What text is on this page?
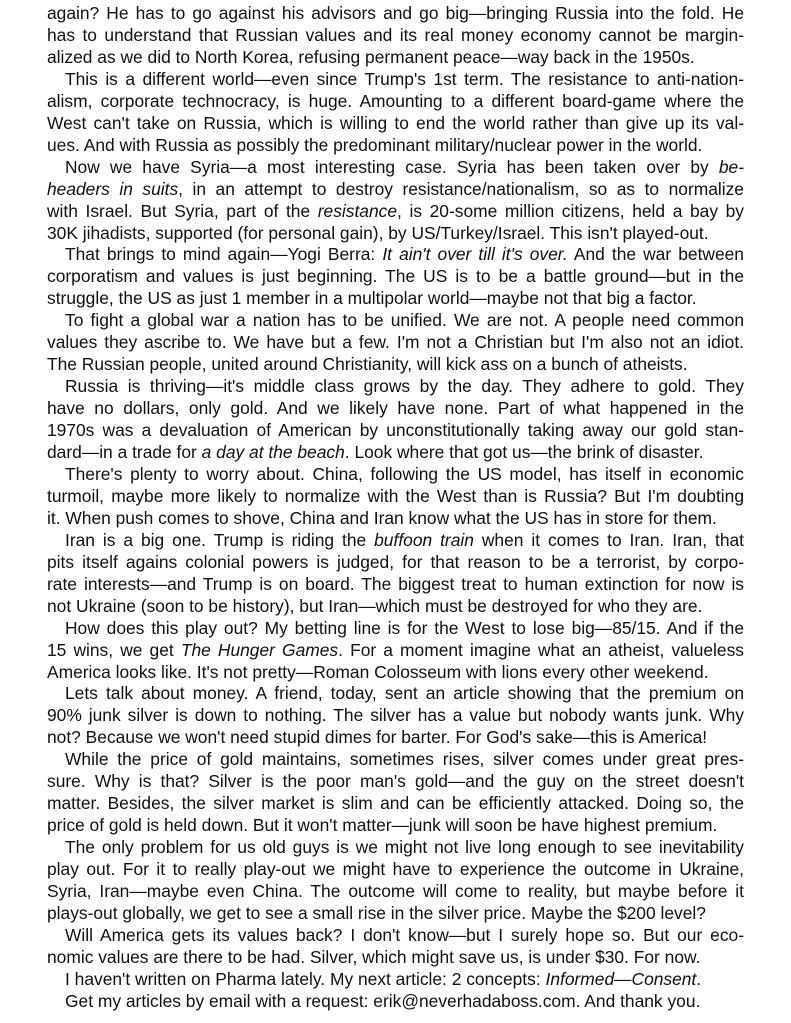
again? He has to go against his advisors and go big—bringing Russia into the fold. He
has to understand that Russian values and its real money economy cannot be margin-
alized as we did to North Korea, refusing permanent peace—way back in the 1950s.
This is a different world—even since Trump's 1st term. The resistance to anti-nation-
alism, corporate technocracy, is huge. Amounting to a different board-game where the
West can't take on Russia, which is willing to end the world rather than give up its val-
ues. And with Russia as possibly the predominant military/nuclear power in the world.
Now we have Syria—a most interesting case. Syria has been taken over by be-
headers in suits, in an attempt to destroy resistance/nationalism, so as to normalize
with Israel. But Syria, part of the resistance, is 20-some million citizens, held a bay by
30K jihadists, supported (for personal gain), by US/Turkey/Israel. This isn't played-out.
That brings to mind again—Yogi Berra: It ain't over till it's over. And the war between
corporatism and values is just beginning. The US is to be a battle ground—but in the
struggle, the US as just 1 member in a multipolar world—maybe not that big a factor.
To fight a global war a nation has to be unified. We are not. A people need common
values they ascribe to. We have but a few. I'm not a Christian but I'm also not an idiot.
The Russian people, united around Christianity, will kick ass on a bunch of atheists.
Russia is thriving—it's middle class grows by the day. They adhere to gold. They
have no dollars, only gold. And we likely have none. Part of what happened in the
1970s was a devaluation of American by unconstitutionally taking away our gold stan-
dard—in a trade for a day at the beach. Look where that got us—the brink of disaster.
There's plenty to worry about. China, following the US model, has itself in economic
turmoil, maybe more likely to normalize with the West than is Russia? But I'm doubting
it. When push comes to shove, China and Iran know what the US has in store for them.
Iran is a big one. Trump is riding the buffoon train when it comes to Iran. Iran, that
pits itself agains colonial powers is judged, for that reason to be a terrorist, by corpo-
rate interests—and Trump is on board. The biggest treat to human extinction for now is
not Ukraine (soon to be history), but Iran—which must be destroyed for who they are.
How does this play out? My betting line is for the West to lose big—85/15. And if the
15 wins, we get The Hunger Games. For a moment imagine what an atheist, valueless
America looks like. It's not pretty—Roman Colosseum with lions every other weekend.
Lets talk about money. A friend, today, sent an article showing that the premium on
90% junk silver is down to nothing. The silver has a value but nobody wants junk. Why
not? Because we won't need stupid dimes for barter. For God's sake—this is America!
While the price of gold maintains, sometimes rises, silver comes under great pres-
sure. Why is that? Silver is the poor man's gold—and the guy on the street doesn't
matter. Besides, the silver market is slim and can be efficiently attacked. Doing so, the
price of gold is held down. But it won't matter—junk will soon be have highest premium.
The only problem for us old guys is we might not live long enough to see inevitability
play out. For it to really play-out we might have to experience the outcome in Ukraine,
Syria, Iran—maybe even China. The outcome will come to reality, but maybe before it
plays-out globally, we get to see a small rise in the silver price. Maybe the $200 level?
Will America gets its values back? I don't know—but I surely hope so. But our eco-
nomic values are there to be had. Silver, which might save us, is under $30. For now.
I haven't written on Pharma lately. My next article: 2 concepts: Informed—Consent.
Get my articles by email with a request: erik@neverhadaboss.com. And thank you.
